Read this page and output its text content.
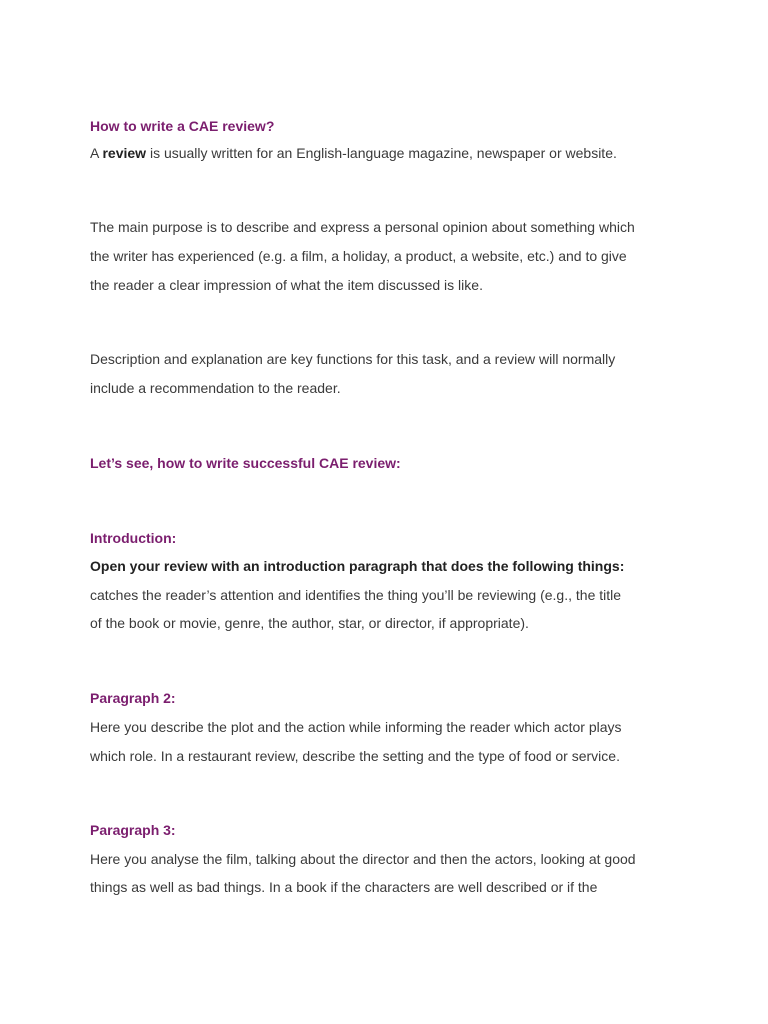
How to write a CAE review?
A review is usually written for an English-language magazine, newspaper or website.
The main purpose is to describe and express a personal opinion about something which
the writer has experienced (e.g. a film, a holiday, a product, a website, etc.) and to give
the reader a clear impression of what the item discussed is like.
Description and explanation are key functions for this task, and a review will normally
include a recommendation to the reader.
Let’s see, how to write successful CAE review:
Introduction:
Open your review with an introduction paragraph that does the following things:
catches the reader’s attention and identifies the thing you’ll be reviewing (e.g., the title
of the book or movie, genre, the author, star, or director, if appropriate).
Paragraph 2:
Here you describe the plot and the action while informing the reader which actor plays
which role. In a restaurant review, describe the setting and the type of food or service.
Paragraph 3:
Here you analyse the film, talking about the director and then the actors, looking at good
things as well as bad things. In a book if the characters are well described or if the
